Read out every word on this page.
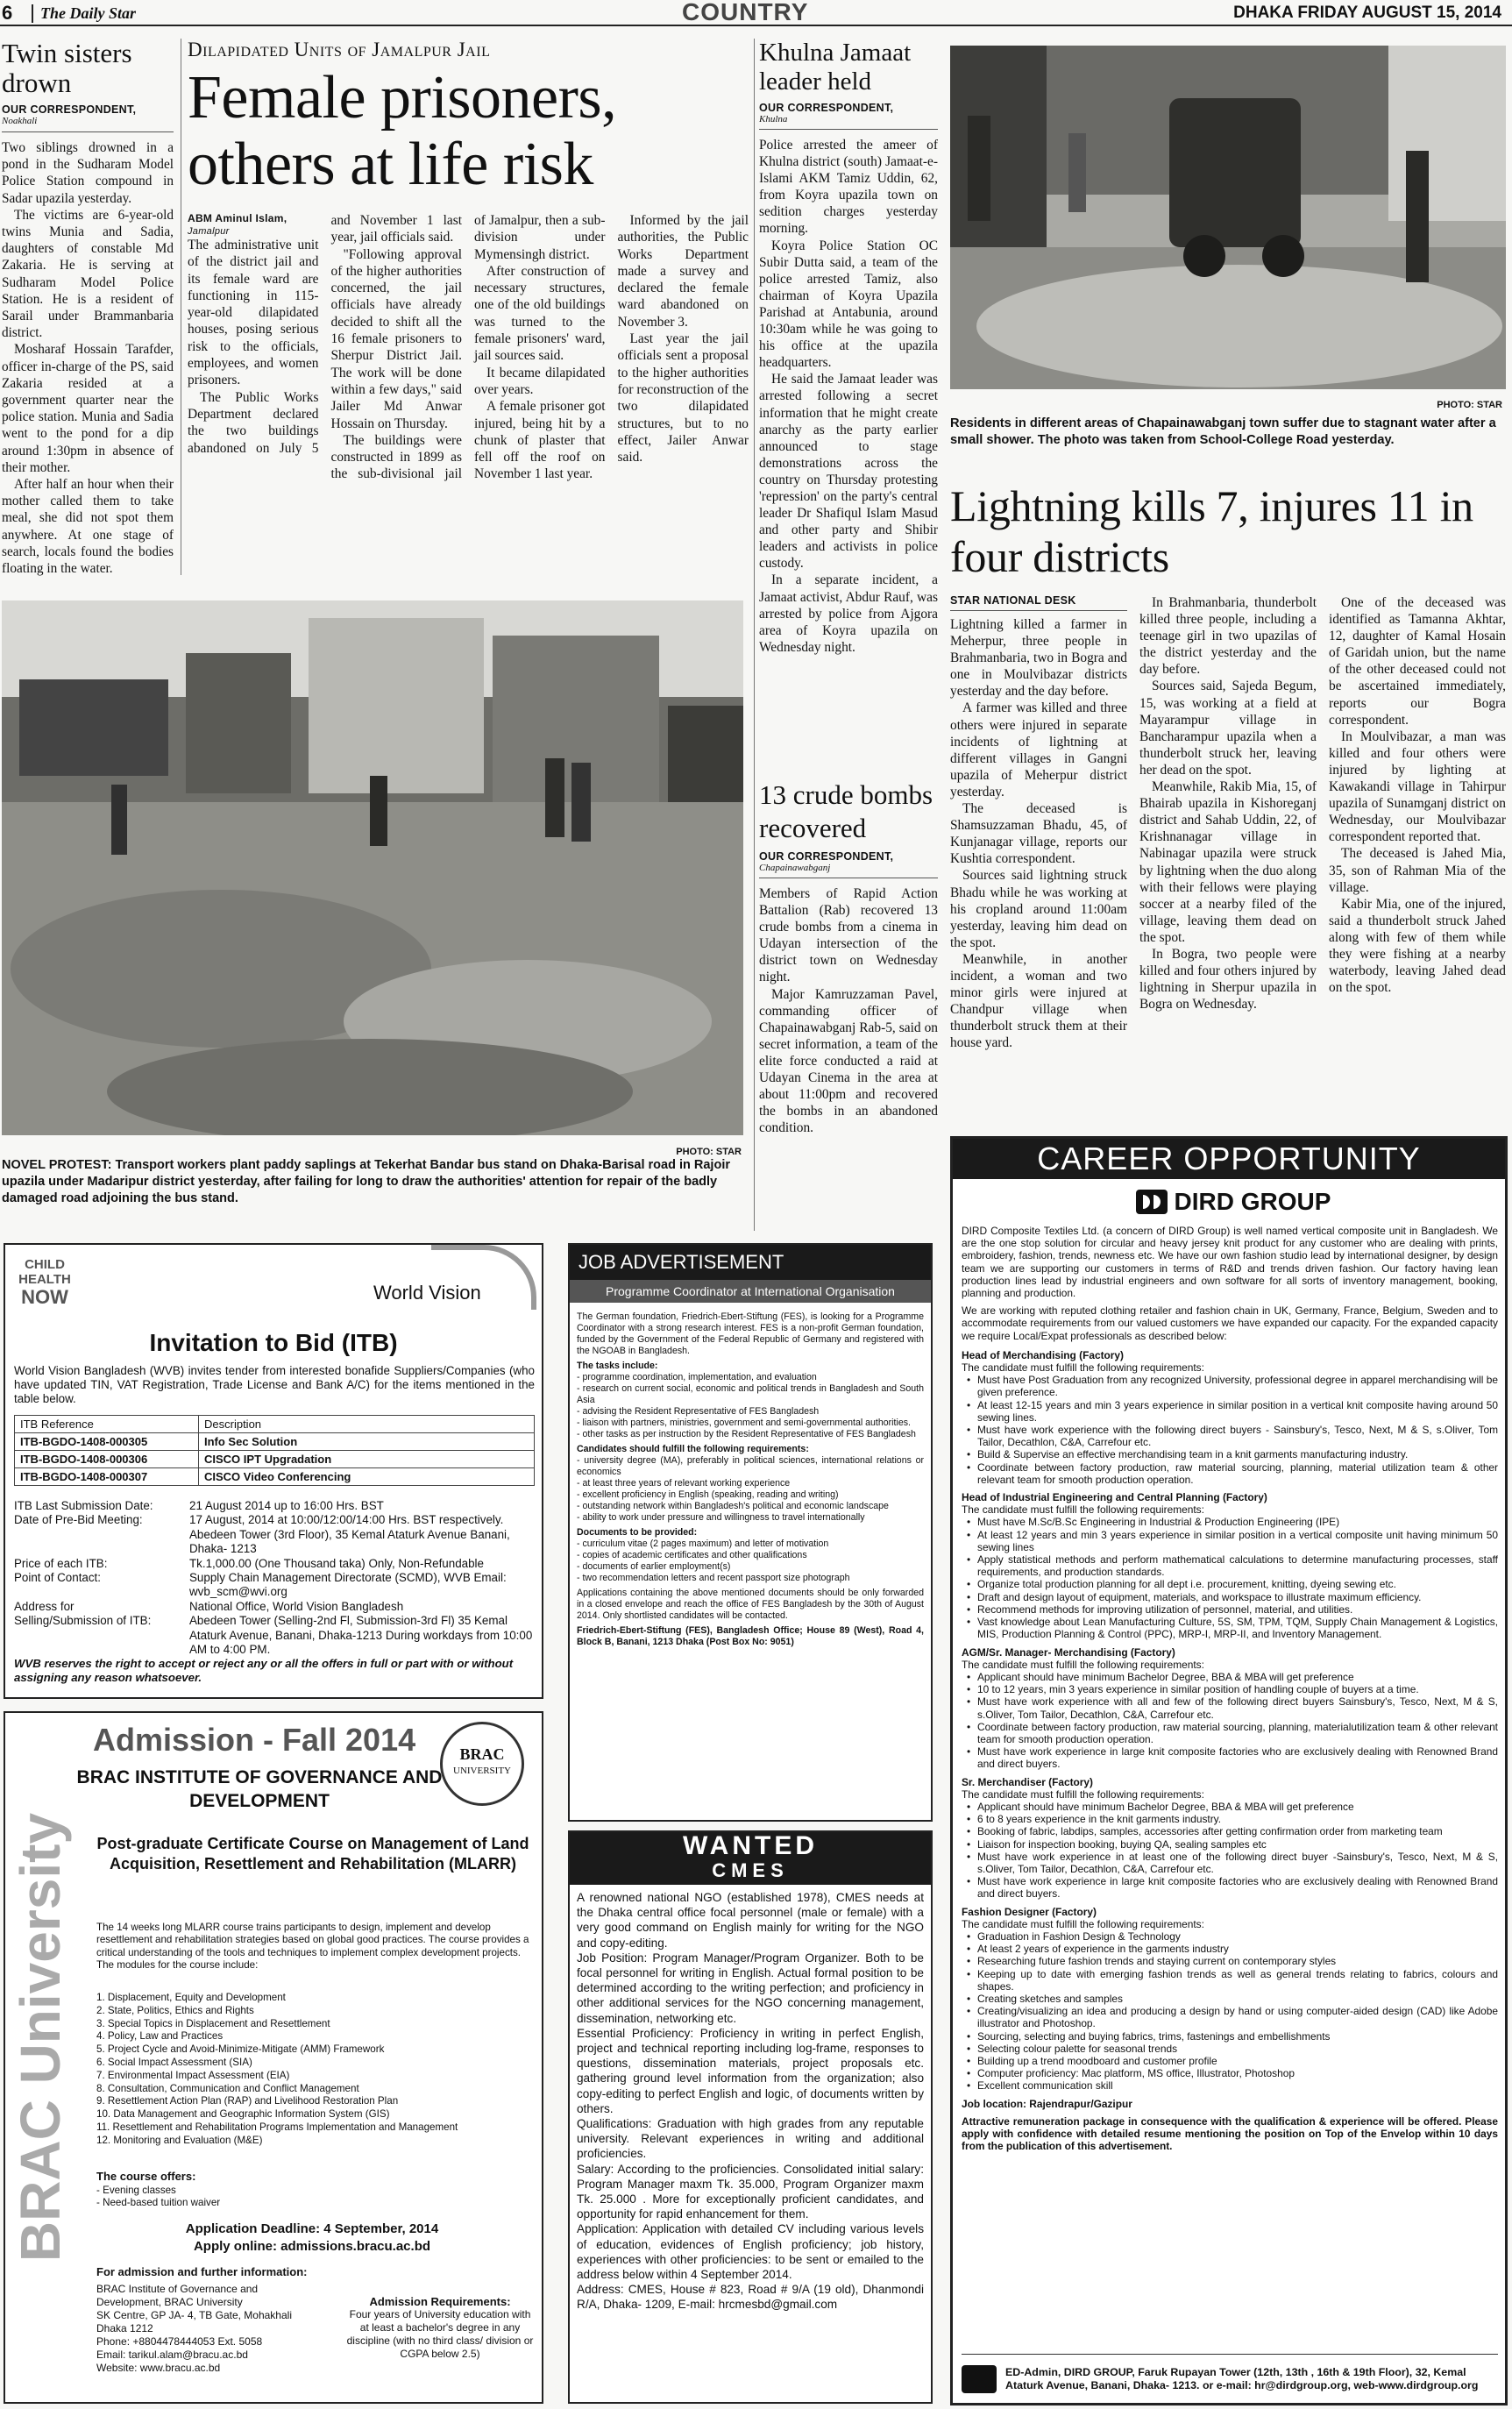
6	The Daily Star	COUNTRY	DHAKA FRIDAY AUGUST 15, 2014
Twin sisters drown
OUR CORRESPONDENT,
Noakhali

Two siblings drowned in a pond in the Sudharam Model Police Station compound in Sadar upazila yesterday.

The victims are 6-year-old twins Munia and Sadia, daughters of constable Md Zakaria. He is serving at Sudharam Model Police Station. He is a resident of Sarail under Brammanbaria district.

Mosharaf Hossain Tarafder, officer in-charge of the PS, said Zakaria resided at a government quarter near the police station. Munia and Sadia went to the pond for a dip around 1:30pm in absence of their mother.

After half an hour when their mother called them to take meal, she did not spot them anywhere. At one stage of search, locals found the bodies floating in the water.

Dilapidated Units of Jamalpur Jail
Female prisoners, others at life risk
ABM Aminul Islam, Jamalpur

The administrative unit of the district jail and its female ward are functioning in 115-year-old dilapidated houses, posing serious risk to the officials, employees, and women prisoners.

The Public Works Department declared the two buildings abandoned on July 5 and November 1 last year, jail officials said.

"Following approval of the higher authorities concerned, the jail officials have already decided to shift all the 16 female prisoners to Sherpur District Jail. The work will be done within a few days," said Jailer Md Anwar Hossain on Thursday.

The buildings were constructed in 1899 as the sub-divisional jail of Jamalpur, then a sub-division under Mymensingh district.

After construction of necessary structures, one of the old buildings was turned to the female prisoners' ward, jail sources said.

It became dilapidated over years.

A female prisoner got injured, being hit by a chunk of plaster that fell off the roof on November 1 last year.

Informed by the jail authorities, the Public Works Department made a survey and declared the female ward abandoned on November 3.

Last year the jail officials sent a proposal to the higher authorities for reconstruction of the two dilapidated structures, but to no effect, Jailer Anwar said.

PHOTO: STAR
NOVEL PROTEST: Transport workers plant paddy saplings at Tekerhat Bandar bus stand on Dhaka-Barisal road in Rajoir upazila under Madaripur district yesterday, after failing for long to draw the authorities' attention for repair of the badly damaged road adjoining the bus stand.
Khulna Jamaat leader held
OUR CORRESPONDENT,
Khulna

Police arrested the ameer of Khulna district (south) Jamaat-e-Islami AKM Tamiz Uddin, 62, from Koyra upazila town on sedition charges yesterday morning.

Koyra Police Station OC Subir Dutta said, a team of the police arrested Tamiz, also chairman of Koyra Upazila Parishad at Antabunia, around 10:30am while he was going to his office at the upazila headquarters.

He said the Jamaat leader was arrested following a secret information that he might create anarchy as the party earlier announced to stage demonstrations across the country on Thursday protesting 'repression' on the party's central leader Dr Shafiqul Islam Masud and other party and Shibir leaders and activists in police custody.

In a separate incident, a Jamaat activist, Abdur Rauf, was arrested by police from Ajgora area of Koyra upazila on Wednesday night.

13 crude bombs recovered
OUR CORRESPONDENT,
Chapainawabganj

Members of Rapid Action Battalion (Rab) recovered 13 crude bombs from a cinema in Udayan intersection of the district town on Wednesday night.

Major Kamruzzaman Pavel, commanding officer of Chapainawabganj Rab-5, said on secret information, a team of the elite force conducted a raid at Udayan Cinema in the area at about 11:00pm and recovered the bombs in an abandoned condition.

PHOTO: STAR
Residents in different areas of Chapainawabganj town suffer due to stagnant water after a small shower. The photo was taken from School-College Road yesterday.
Lightning kills 7, injures 11 in four districts
STAR NATIONAL DESK

Lightning killed a farmer in Meherpur, three people in Brahmanbaria, two in Bogra and one in Moulvibazar districts yesterday and the day before.

A farmer was killed and three others were injured in separate incidents of lightning at different villages in Gangni upazila of Meherpur district yesterday.

The deceased is Shamsuzzaman Bhadu, 45, of Kunjanagar village, reports our Kushtia correspondent.

Sources said lightning struck Bhadu while he was working at his cropland around 11:00am yesterday, leaving him dead on the spot.

Meanwhile, in another incident, a woman and two minor girls were injured at Chandpur village when thunderbolt struck them at their house yard.

In Brahmanbaria, thunderbolt killed three people, including a teenage girl in two upazilas of the district yesterday and the day before.

Sources said, Sajeda Begum, 15, was working at a field at Mayarampur village in Bancharampur upazila when a thunderbolt struck her, leaving her dead on the spot.

Meanwhile, Rakib Mia, 15, of Bhairab upazila in Kishoreganj district and Sahab Uddin, 22, of Krishnanagar village in Nabinagar upazila were struck by lightning when the duo along with their fellows were playing soccer at a nearby filed of the village, leaving them dead on the spot.

In Bogra, two people were killed and four others injured by lightning in Sherpur upazila in Bogra on Wednesday.

One of the deceased was identified as Tamanna Akhtar, 12, daughter of Kamal Hosain of Garidah union, but the name of the other deceased could not be ascertained immediately, reports our Bogra correspondent.

In Moulvibazar, a man was killed and four others were injured by lighting at Kawakandi village in Tahirpur upazila of Sunamganj district on Wednesday, our Moulvibazar correspondent reported that.

The deceased is Jahed Mia, 35, son of Rahman Mia of the village.

Kabir Mia, one of the injured, said a thunderbolt struck Jahed along with few of them while they were fishing at a nearby waterbody, leaving Jahed dead on the spot.

CHILD
HEALTH
NOW	World Vision
Invitation to Bid (ITB)
World Vision Bangladesh (WVB) invites tender from interested bonafide Suppliers/Companies (who have updated TIN, VAT Registration, Trade License and Bank A/C) for the items mentioned in the table below.
ITB Reference	Description
ITB-BGDO-1408-000305	Info Sec Solution
ITB-BGDO-1408-000306	CISCO IPT Upgradation
ITB-BGDO-1408-000307	CISCO Video Conferencing
ITB Last Submission Date:	21 August 2014 up to 16:00 Hrs. BST
Date of Pre-Bid Meeting:	17 August, 2014 at 10:00/12:00/14:00 Hrs. BST respectively. Abedeen Tower (3rd Floor), 35 Kemal Ataturk Avenue Banani, Dhaka- 1213
Price of each ITB:	Tk.1,000.00 (One Thousand taka) Only, Non-Refundable
Point of Contact:	Supply Chain Management Directorate (SCMD), WVB Email: wvb_scm@wvi.org
Address for	National Office, World Vision Bangladesh
Selling/Submission of ITB:	Abedeen Tower (Selling-2nd Fl, Submission-3rd Fl) 35 Kemal Ataturk Avenue, Banani, Dhaka-1213 During workdays from 10:00 AM to 4:00 PM.
WVB reserves the right to accept or reject any or all the offers in full or part with or without assigning any reason whatsoever.
BRAC University
Admission - Fall 2014	BRAC
UNIVERSITY
BRAC INSTITUTE OF GOVERNANCE AND DEVELOPMENT
Post-graduate Certificate Course on Management of Land Acquisition, Resettlement and Rehabilitation (MLARR)
The 14 weeks long MLARR course trains participants to design, implement and develop resettlement and rehabilitation strategies based on global good practices. The course provides a critical understanding of the tools and techniques to implement complex development projects. The modules for the course include:
1. Displacement, Equity and Development
2. State, Politics, Ethics and Rights
3. Special Topics in Displacement and Resettlement
4. Policy, Law and Practices
5. Project Cycle and Avoid-Minimize-Mitigate (AMM) Framework
6. Social Impact Assessment (SIA)
7. Environmental Impact Assessment (EIA)
8. Consultation, Communication and Conflict Management
9. Resettlement Action Plan (RAP) and Livelihood Restoration Plan
10. Data Management and Geographic Information System (GIS)
11. Resettlement and Rehabilitation Programs Implementation and Management
12. Monitoring and Evaluation (M&E)
The course offers:
- Evening classes
- Need-based tuition waiver
Application Deadline: 4 September, 2014
Apply online: admissions.bracu.ac.bd
For admission and further information:
BRAC Institute of Governance and Development, BRAC University
SK Centre, GP JA- 4, TB Gate, Mohakhali
Dhaka 1212
Phone: +8804478444053 Ext. 5058
Email: tarikul.alam@bracu.ac.bd
Website: www.bracu.ac.bd
Admission Requirements:
Four years of University education with at least a bachelor's degree in any discipline (with no third class/ division or CGPA below 2.5)
JOB ADVERTISEMENT
Programme Coordinator at International Organisation
The German foundation, Friedrich-Ebert-Stiftung (FES), is looking for a Programme Coordinator with a strong research interest. FES is a non-profit German foundation, funded by the Government of the Federal Republic of Germany and registered with the NGOAB in Bangladesh.
The tasks include:
- programme coordination, implementation, and evaluation
- research on current social, economic and political trends in Bangladesh and South Asia
- advising the Resident Representative of FES Bangladesh
- liaison with partners, ministries, government and semi-governmental authorities.
- other tasks as per instruction by the Resident Representative of FES Bangladesh
Candidates should fulfill the following requirements:
- university degree (MA), preferably in political sciences, international relations or economics
- at least three years of relevant working experience
- excellent proficiency in English (speaking, reading and writing)
- outstanding network within Bangladesh's political and economic landscape
- ability to work under pressure and willingness to travel internationally
Documents to be provided:
- curriculum vitae (2 pages maximum) and letter of motivation
- copies of academic certificates and other qualifications
- documents of earlier employment(s)
- two recommendation letters and recent passport size photograph
Applications containing the above mentioned documents should be only forwarded in a closed envelope and reach the office of FES Bangladesh by the 30th of August 2014. Only shortlisted candidates will be contacted.
Friedrich-Ebert-Stiftung (FES), Bangladesh Office; House 89 (West), Road 4, Block B, Banani, 1213 Dhaka (Post Box No: 9051)
WANTED
CMES
A renowned national NGO (established 1978), CMES needs at the Dhaka central office focal personnel (male or female) with a very good command on English mainly for writing for the NGO and copy-editing.
Job Position: Program Manager/Program Organizer. Both to be focal personnel for writing in English. Actual formal position to be determined according to the writing perfection; and proficiency in other additional services for the NGO concerning management, dissemination, networking etc.
Essential Proficiency: Proficiency in writing in perfect English, project and technical reporting including log-frame, responses to questions, dissemination materials, project proposals etc. gathering ground level information from the organization; also copy-editing to perfect English and logic, of documents written by others.
Qualifications: Graduation with high grades from any reputable university. Relevant experiences in writing and additional proficiencies.
Salary: According to the proficiencies. Consolidated initial salary: Program Manager maxm Tk. 35.000, Program Organizer maxm Tk. 25.000 . More for exceptionally proficient candidates, and opportunity for rapid enhancement for them.
Application: Application with detailed CV including various levels of education, evidences of English proficiency; job history, experiences with other proficiencies: to be sent or emailed to the address below within 4 September 2014.
Address: CMES, House # 823, Road # 9/A (19 old), Dhanmondi R/A, Dhaka- 1209, E-mail: hrcmesbd@gmail.com
CAREER OPPORTUNITY
DIRD GROUP
DIRD Composite Textiles Ltd. (a concern of DIRD Group) is well named vertical composite unit in Bangladesh. We are the one stop solution for circular and heavy jersey knit product for any customer who are dealing with prints, embroidery, fashion, trends, newness etc. We have our own fashion studio lead by international designer, by design team we are supporting our customers in terms of R&D and trends driven fashion. Our factory having lean production lines lead by industrial engineers and own software for all sorts of inventory management, booking, planning and production.
We are working with reputed clothing retailer and fashion chain in UK, Germany, France, Belgium, Sweden and to accommodate requirements from our valued customers we have expanded our capacity. For the expanded capacity we require Local/Expat professionals as described below:
Head of Merchandising (Factory)
The candidate must fulfill the following requirements:
• Must have Post Graduation from any recognized University, professional degree in apparel merchandising will be given preference.
• At least 12-15 years and min 3 years experience in similar position in a vertical knit composite having around 50 sewing lines.
• Must have work experience with the following direct buyers - Sainsbury's, Tesco, Next, M & S, s.Oliver, Tom Tailor, Decathlon, C&A, Carrefour etc.
• Build & Supervise an effective merchandising team in a knit garments manufacturing industry.
• Coordinate between factory production, raw material sourcing, planning, material utilization team & other relevant team for smooth production operation.
Head of Industrial Engineering and Central Planning (Factory)
The candidate must fulfill the following requirements:
• Must have M.Sc/B.Sc Engineering in Industrial & Production Engineering (IPE)
• At least 12 years and min 3 years experience in similar position in a vertical composite unit having minimum 50 sewing lines
• Apply statistical methods and perform mathematical calculations to determine manufacturing processes, staff requirements, and production standards.
• Organize total production planning for all dept i.e. procurement, knitting, dyeing sewing etc.
• Draft and design layout of equipment, materials, and workspace to illustrate maximum efficiency.
• Recommend methods for improving utilization of personnel, material, and utilities.
• Vast knowledge about Lean Manufacturing Culture, 5S, SM, TPM, TQM, Supply Chain Management & Logistics, MIS, Production Planning & Control (PPC), MRP-I, MRP-II, and Inventory Management.
AGM/Sr. Manager- Merchandising (Factory)
The candidate must fulfill the following requirements:
• Applicant should have minimum Bachelor Degree, BBA & MBA will get preference
• 10 to 12 years, min 3 years experience in similar position of handling couple of buyers at a time.
• Must have work experience with all and few of the following direct buyers Sainsbury's, Tesco, Next, M & S, s.Oliver, Tom Tailor, Decathlon, C&A, Carrefour etc.
• Coordinate between factory production, raw material sourcing, planning, materialutilization team & other relevant team for smooth production operation.
• Must have work experience in large knit composite factories who are exclusively dealing with Renowned Brand and direct buyers.
Sr. Merchandiser (Factory)
The candidate must fulfill the following requirements:
• Applicant should have minimum Bachelor Degree, BBA & MBA will get preference
• 6 to 8 years experience in the knit garments industry.
• Booking of fabric, labdips, samples, accessories after getting confirmation order from marketing team
• Liaison for inspection booking, buying QA, sealing samples etc
• Must have work experience in at least one of the following direct buyer -Sainsbury's, Tesco, Next, M & S, s.Oliver, Tom Tailor, Decathlon, C&A, Carrefour etc.
• Must have work experience in large knit composite factories who are exclusively dealing with Renowned Brand and direct buyers.
Fashion Designer (Factory)
The candidate must fulfill the following requirements:
• Graduation in Fashion Design & Technology
• At least 2 years of experience in the garments industry
• Researching future fashion trends and staying current on contemporary styles
• Keeping up to date with emerging fashion trends as well as general trends relating to fabrics, colours and shapes.
• Creating sketches and samples
• Creating/visualizing an idea and producing a design by hand or using computer-aided design (CAD) like Adobe illustrator and Photoshop.
• Sourcing, selecting and buying fabrics, trims, fastenings and embellishments
• Selecting colour palette for seasonal trends
• Building up a trend moodboard and customer profile
• Computer proficiency: Mac platform, MS office, Illustrator, Photoshop
• Excellent communication skill
Job location: Rajendrapur/Gazipur
Attractive remuneration package in consequence with the qualification & experience will be offered. Please apply with confidence with detailed resume mentioning the position on Top of the Envelop within 10 days from the publication of this advertisement.
ED-Admin, DIRD GROUP, Faruk Rupayan Tower (12th, 13th , 16th & 19th Floor), 32, Kemal Ataturk Avenue, Banani, Dhaka- 1213. or e-mail: hr@dirdgroup.org, web-www.dirdgroup.org
